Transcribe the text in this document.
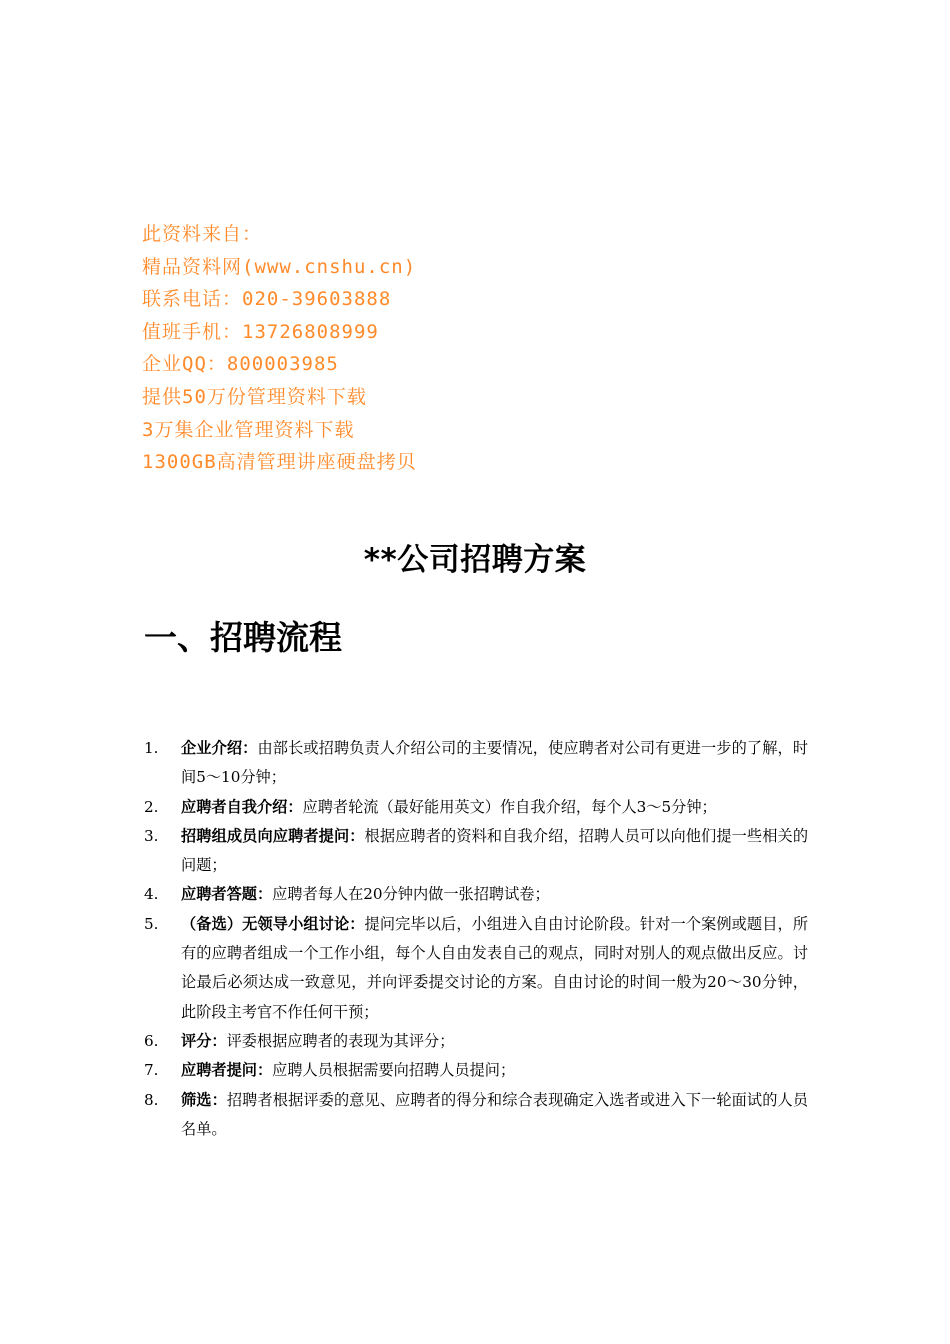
此资料来自：
精品资料网(www.cnshu.cn)
联系电话：020-39603888
值班手机：13726808999
企业QQ：800003985
提供50万份管理资料下载
3万集企业管理资料下载
1300GB高清管理讲座硬盘拷贝
**公司招聘方案
一、招聘流程
1. 企业介绍：由部长或招聘负责人介绍公司的主要情况，使应聘者对公司有更进一步的了解，时间5～10分钟；
2. 应聘者自我介绍：应聘者轮流（最好能用英文）作自我介绍，每个人3～5分钟；
3. 招聘组成员向应聘者提问：根据应聘者的资料和自我介绍，招聘人员可以向他们提一些相关的问题；
4. 应聘者答题：应聘者每人在20分钟内做一张招聘试卷；
5. （备选）无领导小组讨论：提问完毕以后，小组进入自由讨论阶段。针对一个案例或题目，所有的应聘者组成一个工作小组，每个人自由发表自己的观点，同时对别人的观点做出反应。讨论最后必须达成一致意见，并向评委提交讨论的方案。自由讨论的时间一般为20～30分钟，此阶段主考官不作任何干预；
6. 评分：评委根据应聘者的表现为其评分；
7. 应聘者提问：应聘人员根据需要向招聘人员提问；
8. 筛选：招聘者根据评委的意见、应聘者的得分和综合表现确定入选者或进入下一轮面试的人员名单。
